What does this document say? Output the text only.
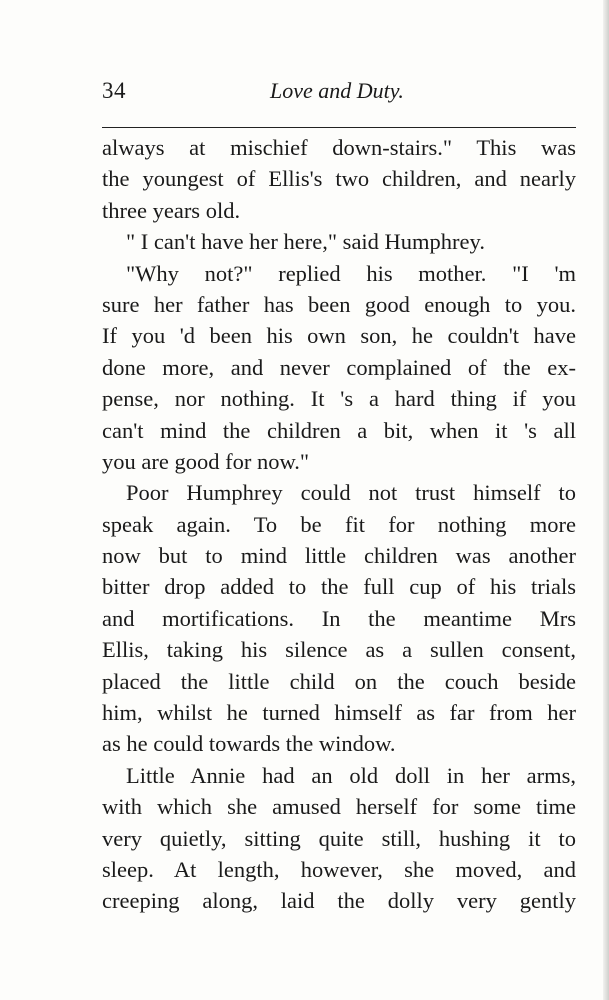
34	Love and Duty.
always at mischief down-stairs." This was
the youngest of Ellis's two children, and nearly
three years old.
" I can't have her here," said Humphrey.
"Why not?" replied his mother. "I 'm
sure her father has been good enough to you.
If you 'd been his own son, he couldn't have
done more, and never complained of the ex-
pense, nor nothing. It 's a hard thing if you
can't mind the children a bit, when it 's all
you are good for now."
Poor Humphrey could not trust himself to
speak again. To be fit for nothing more
now but to mind little children was another
bitter drop added to the full cup of his trials
and mortifications. In the meantime Mrs
Ellis, taking his silence as a sullen consent,
placed the little child on the couch beside
him, whilst he turned himself as far from her
as he could towards the window.
Little Annie had an old doll in her arms,
with which she amused herself for some time
very quietly, sitting quite still, hushing it to
sleep. At length, however, she moved, and
creeping along, laid the dolly very gently
